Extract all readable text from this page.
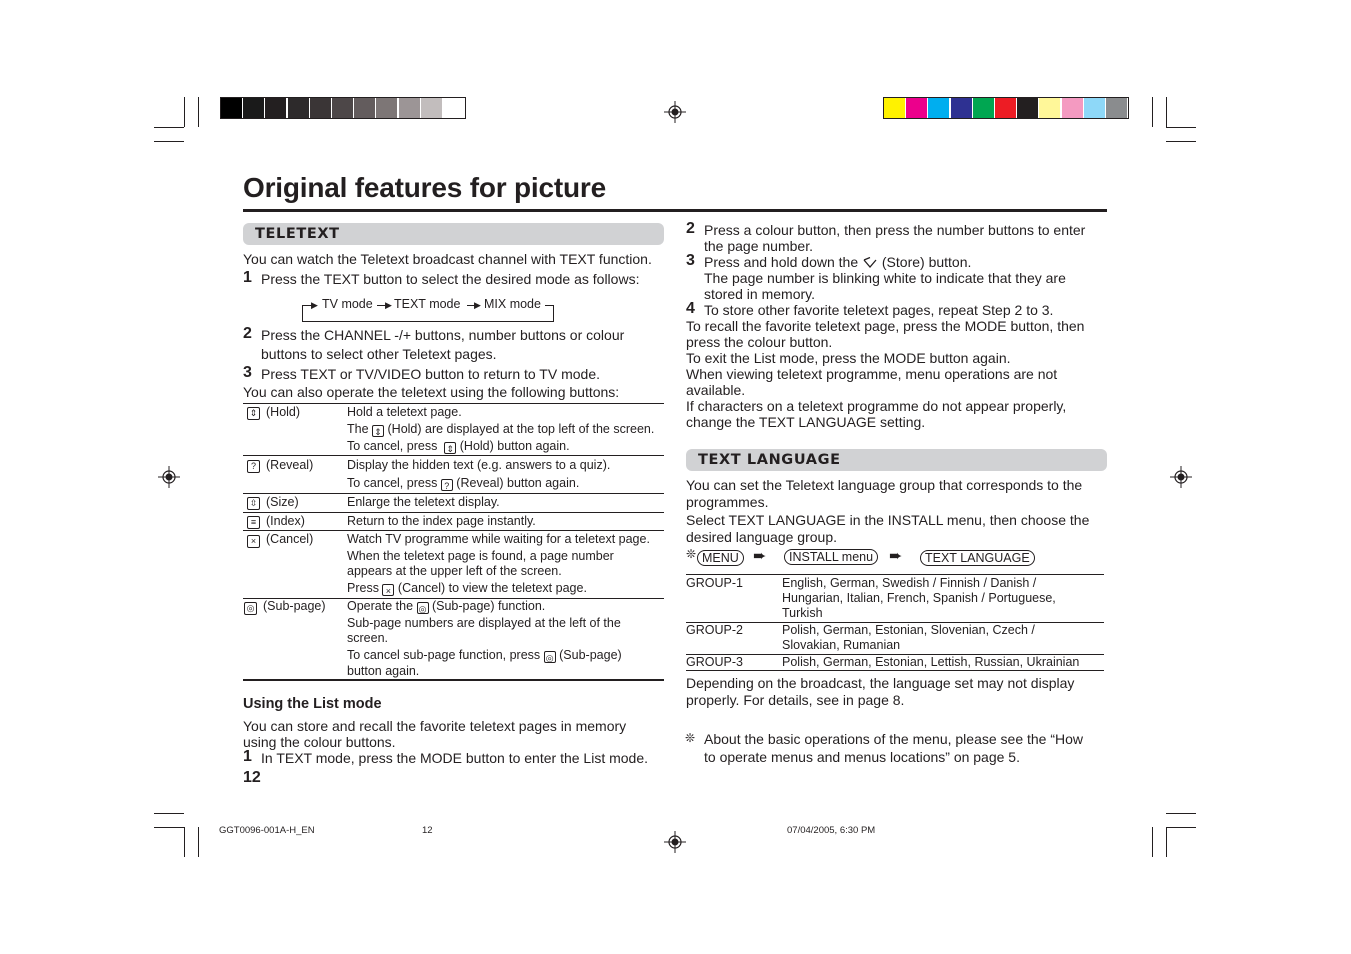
Original features for picture
TELETEXT
You can watch the Teletext broadcast channel with TEXT function.
1 Press the TEXT button to select the desired mode as follows:
▶ TV mode ▶ TEXT mode ▶ MIX mode
2 Press the CHANNEL -/+ buttons, number buttons or colour
buttons to select other Teletext pages.
3 Press TEXT or TV/VIDEO button to return to TV mode.
You can also operate the teletext using the following buttons:
⇕ (Hold)	Hold a teletext page.
The ⇕ (Hold) are displayed at the top left of the screen.
To cancel, press ⇕ (Hold) button again.
? (Reveal)	Display the hidden text (e.g. answers to a quiz).
To cancel, press ? (Reveal) button again.
⇳ (Size)	Enlarge the teletext display.
≡ (Index)	Return to the index page instantly.
× (Cancel)	Watch TV programme while waiting for a teletext page.
When the teletext page is found, a page number
appears at the upper left of the screen.
Press × (Cancel) to view the teletext page.
◎ (Sub-page) Operate the ◎ (Sub-page) function.
Sub-page numbers are displayed at the left of the
screen.
To cancel sub-page function, press ◎ (Sub-page)
button again.
Using the List mode
You can store and recall the favorite teletext pages in memory
using the colour buttons.
1 In TEXT mode, press the MODE button to enter the List mode.
12
2 Press a colour button, then press the number buttons to enter
the page number.
3 Press and hold down the (Store) button.
The page number is blinking white to indicate that they are
stored in memory.
4 To store other favorite teletext pages, repeat Step 2 to 3.
To recall the favorite teletext page, press the MODE button, then
press the colour button.
To exit the List mode, press the MODE button again.
When viewing teletext programme, menu operations are not
available.
If characters on a teletext programme do not appear properly,
change the TEXT LANGUAGE setting.
TEXT LANGUAGE
You can set the Teletext language group that corresponds to the
programmes.
Select TEXT LANGUAGE in the INSTALL menu, then choose the
desired language group.
❊ MENU ➨	INSTALL menu ➨	TEXT LANGUAGE
GROUP-1	English, German, Swedish / Finnish / Danish /
Hungarian, Italian, French, Spanish / Portuguese,
Turkish
GROUP-2	Polish, German, Estonian, Slovenian, Czech /
Slovakian, Rumanian
GROUP-3	Polish, German, Estonian, Lettish, Russian, Ukrainian
Depending on the broadcast, the language set may not display
properly. For details, see in page 8.
❊ About the basic operations of the menu, please see the “How
to operate menus and menus locations” on page 5.
GGT0096-001A-H_EN	12	07/04/2005, 6:30 PM
